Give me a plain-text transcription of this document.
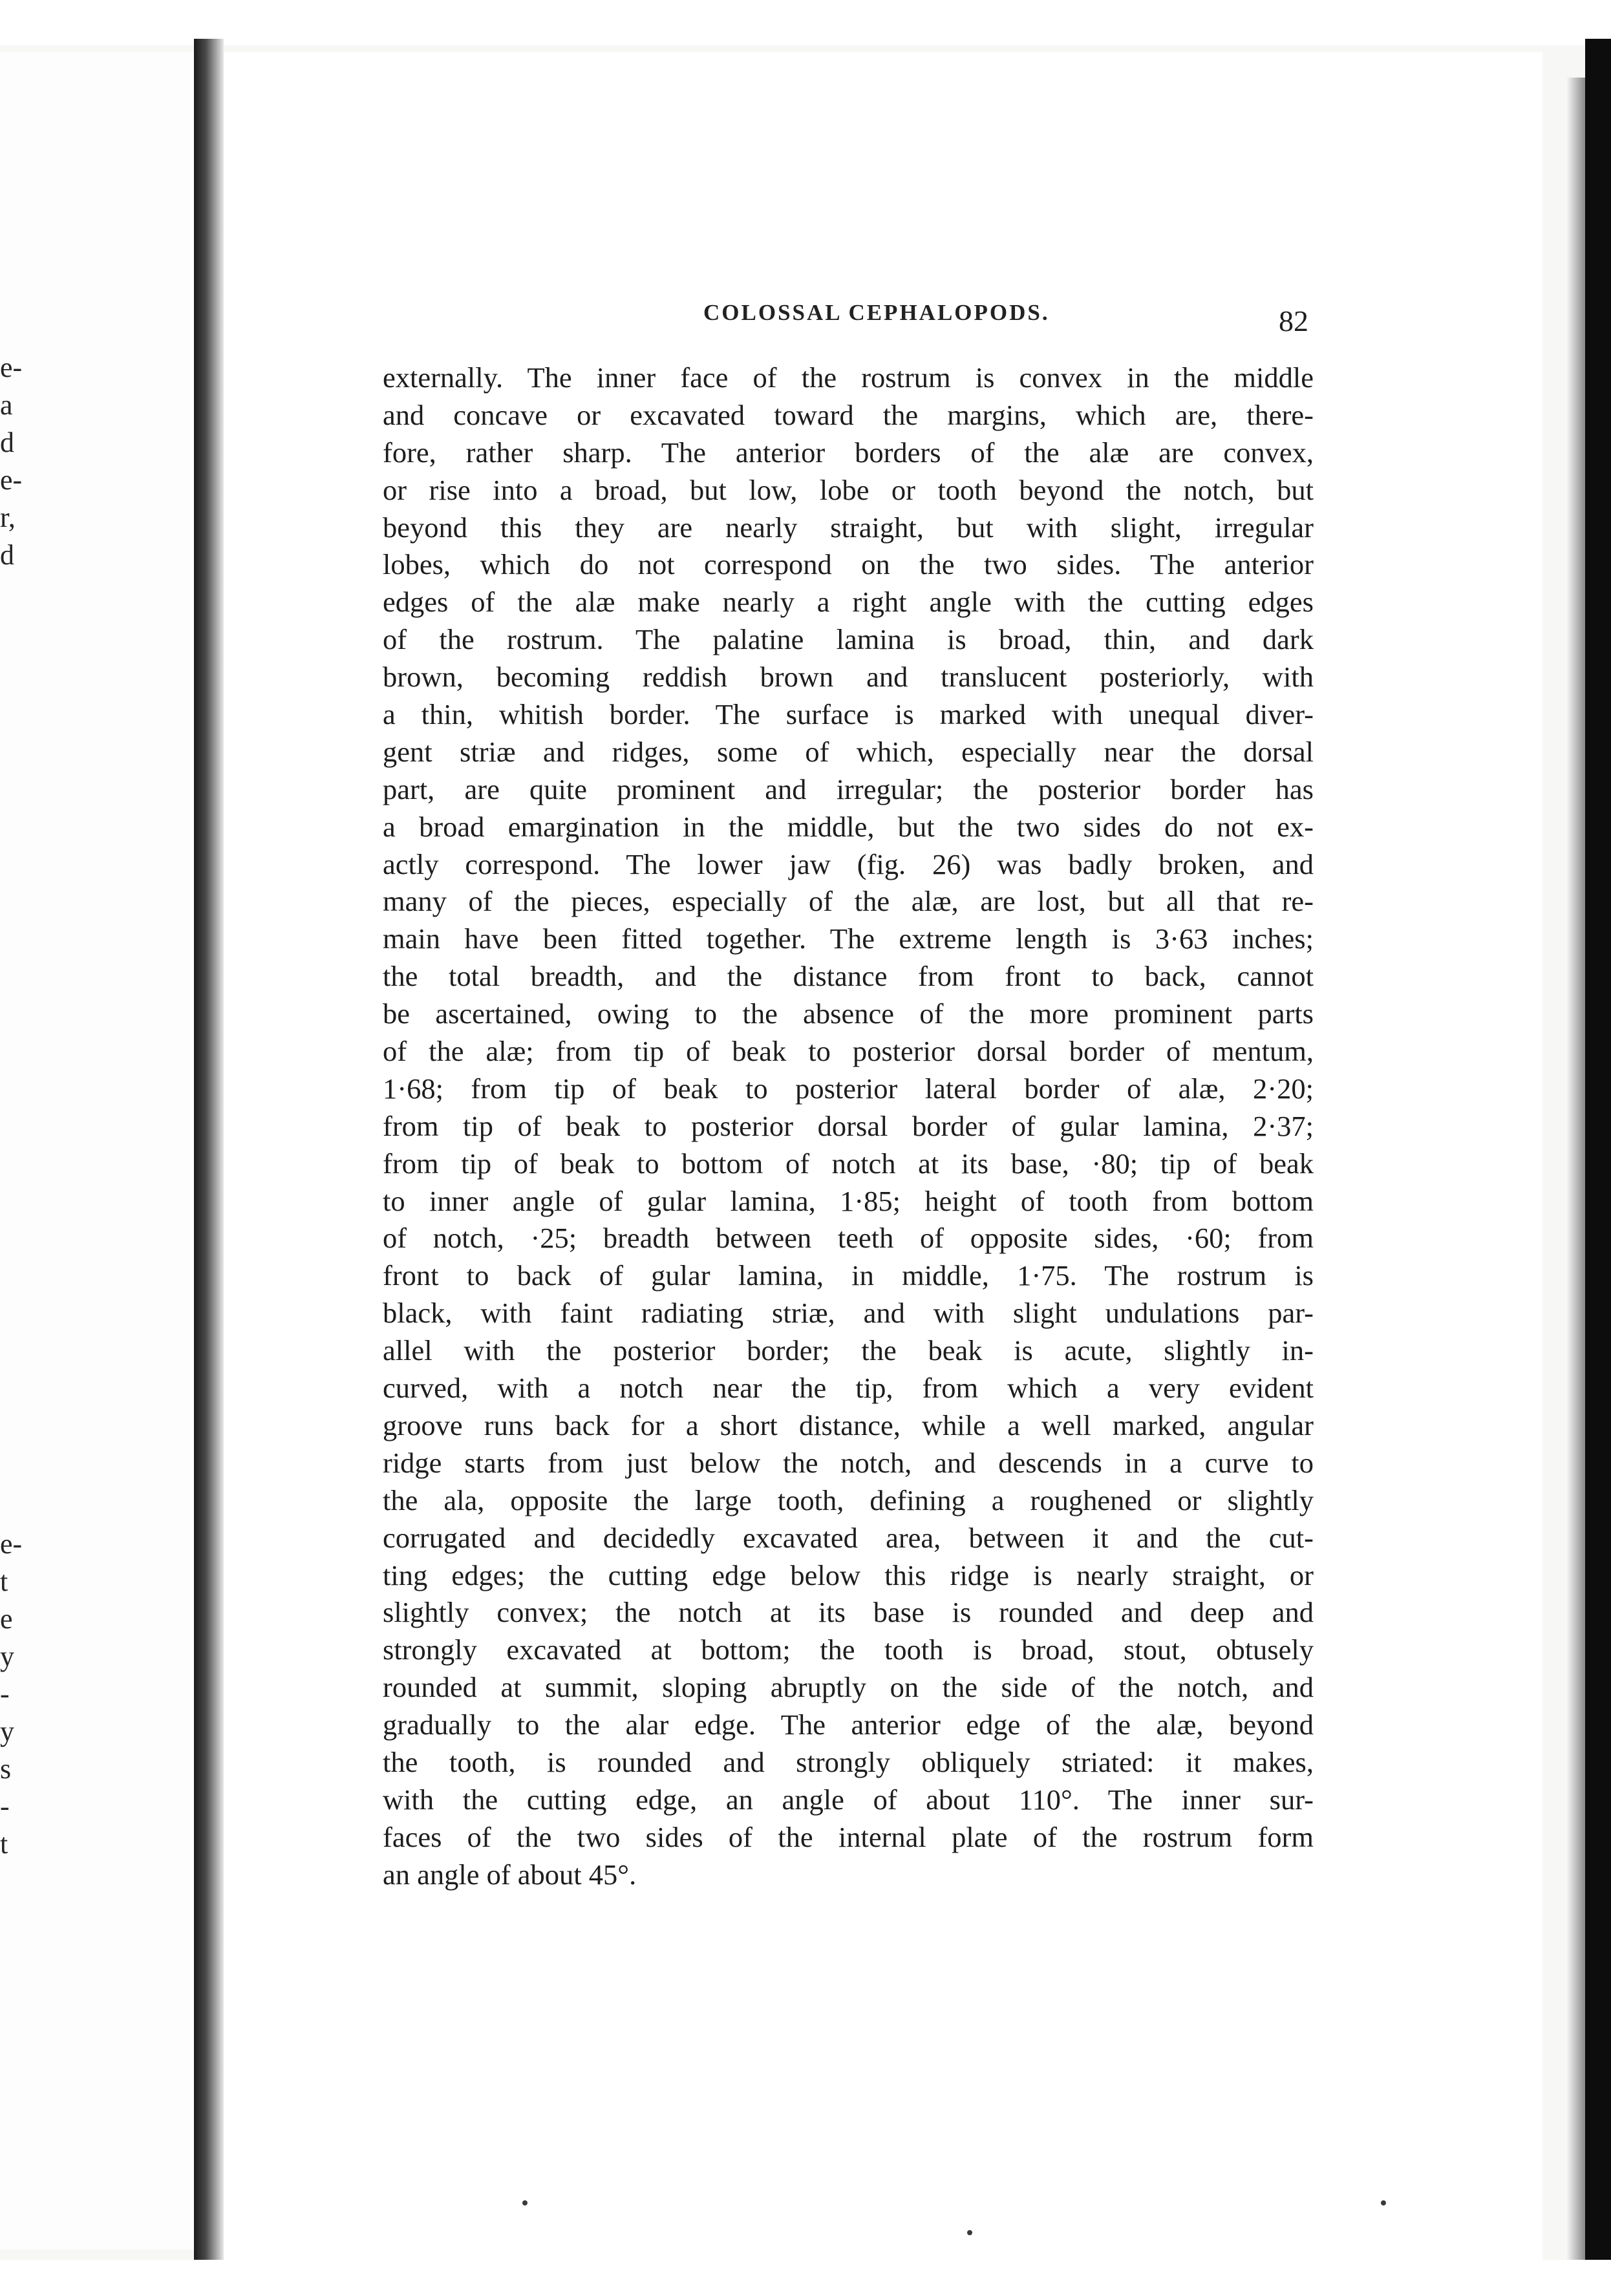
e-
a
d
e-
r,
d
e-
t
e
y
-
y
s
-
t
COLOSSAL CEPHALOPODS.	82
externally. The inner face of the rostrum is convex in the middle
and concave or excavated toward the margins, which are, there-
fore, rather sharp. The anterior borders of the alæ are convex,
or rise into a broad, but low, lobe or tooth beyond the notch, but
beyond this they are nearly straight, but with slight, irregular
lobes, which do not correspond on the two sides. The anterior
edges of the alæ make nearly a right angle with the cutting edges
of the rostrum. The palatine lamina is broad, thin, and dark
brown, becoming reddish brown and translucent posteriorly, with
a thin, whitish border. The surface is marked with unequal diver-
gent striæ and ridges, some of which, especially near the dorsal
part, are quite prominent and irregular; the posterior border has
a broad emargination in the middle, but the two sides do not ex-
actly correspond. The lower jaw (fig. 26) was badly broken, and
many of the pieces, especially of the alæ, are lost, but all that re-
main have been fitted together. The extreme length is 3·63 inches;
the total breadth, and the distance from front to back, cannot
be ascertained, owing to the absence of the more prominent parts
of the alæ; from tip of beak to posterior dorsal border of mentum,
1·68; from tip of beak to posterior lateral border of alæ, 2·20;
from tip of beak to posterior dorsal border of gular lamina, 2·37;
from tip of beak to bottom of notch at its base, ·80; tip of beak
to inner angle of gular lamina, 1·85; height of tooth from bottom
of notch, ·25; breadth between teeth of opposite sides, ·60; from
front to back of gular lamina, in middle, 1·75. The rostrum is
black, with faint radiating striæ, and with slight undulations par-
allel with the posterior border; the beak is acute, slightly in-
curved, with a notch near the tip, from which a very evident
groove runs back for a short distance, while a well marked, angular
ridge starts from just below the notch, and descends in a curve to
the ala, opposite the large tooth, defining a roughened or slightly
corrugated and decidedly excavated area, between it and the cut-
ting edges; the cutting edge below this ridge is nearly straight, or
slightly convex; the notch at its base is rounded and deep and
strongly excavated at bottom; the tooth is broad, stout, obtusely
rounded at summit, sloping abruptly on the side of the notch, and
gradually to the alar edge. The anterior edge of the alæ, beyond
the tooth, is rounded and strongly obliquely striated: it makes,
with the cutting edge, an angle of about 110°. The inner sur-
faces of the two sides of the internal plate of the rostrum form
an angle of about 45°.
